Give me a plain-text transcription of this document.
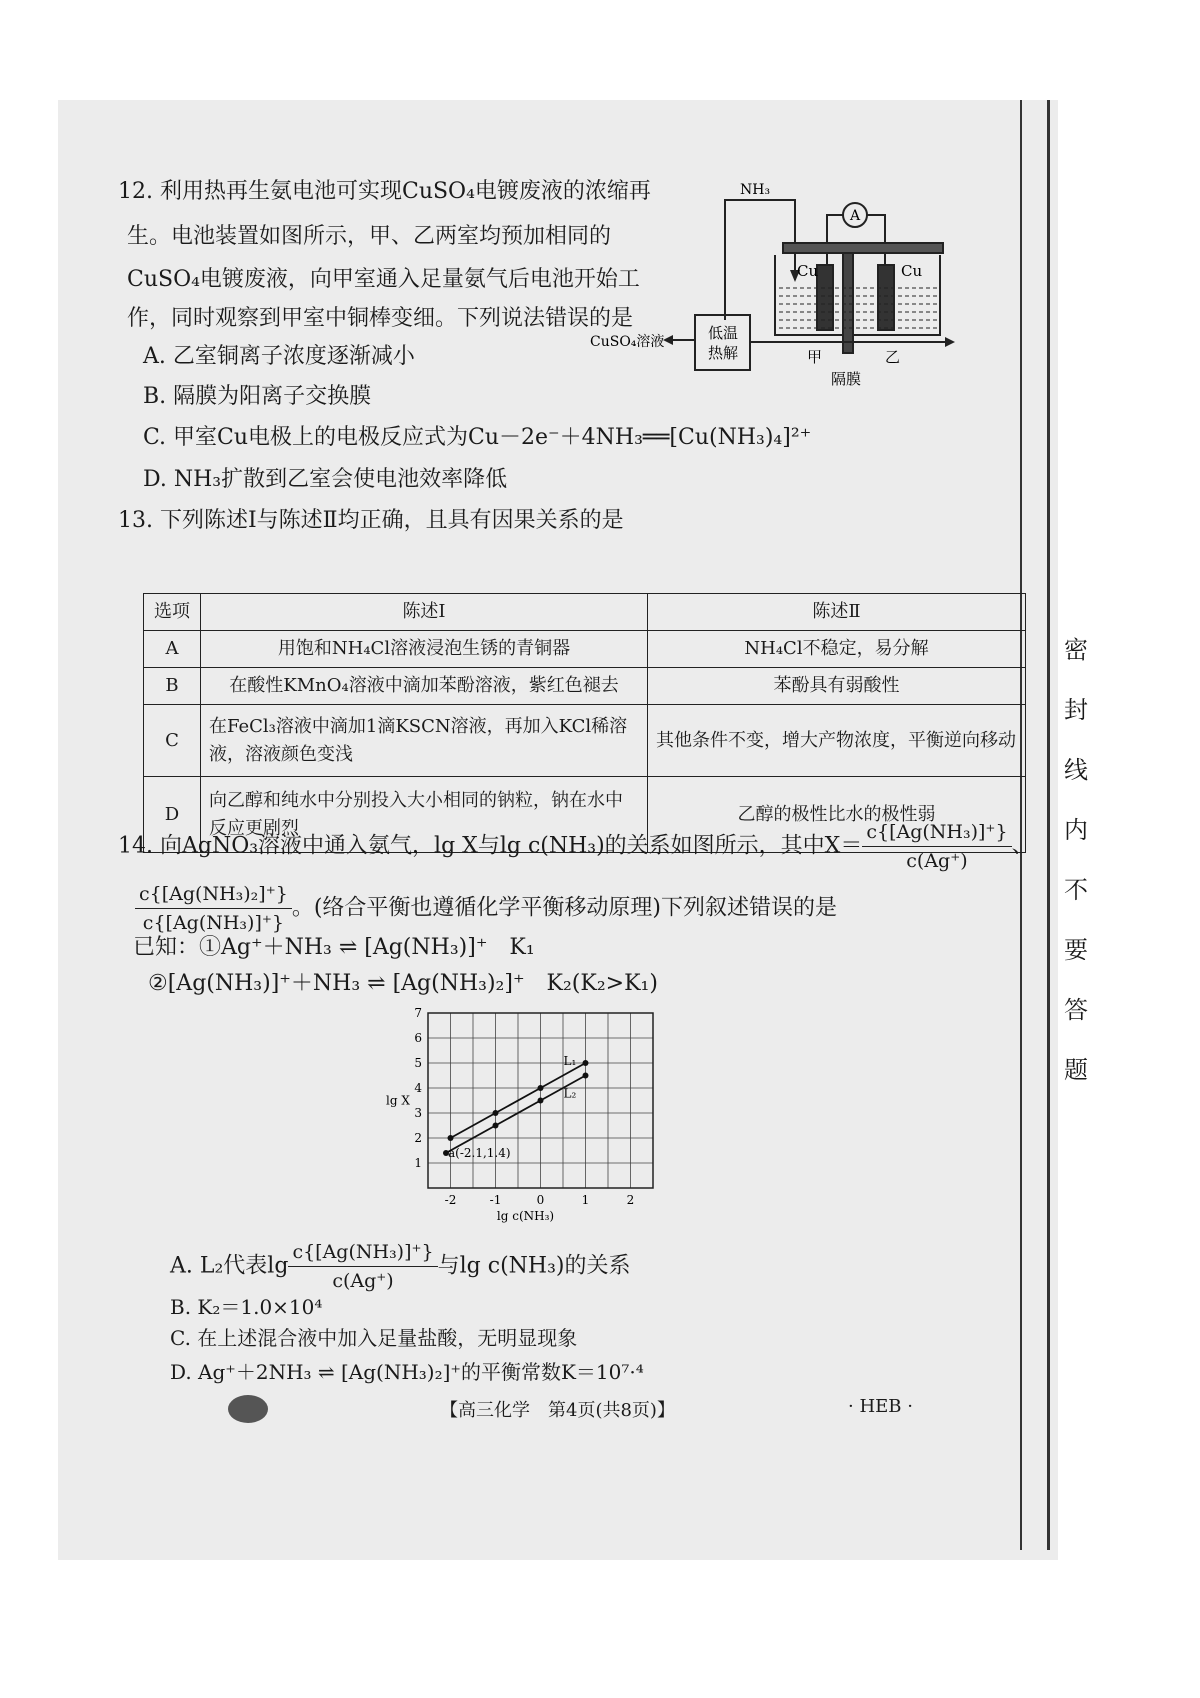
密
封
线
内
不
要
答
题
12. 利用热再生氨电池可实现CuSO₄电镀废液的浓缩再
生。电池装置如图所示，甲、乙两室均预加相同的
CuSO₄电镀废液，向甲室通入足量氨气后电池开始工
作，同时观察到甲室中铜棒变细。下列说法错误的是
A. 乙室铜离子浓度逐渐减小
B. 隔膜为阳离子交换膜
C. 甲室Cu电极上的电极反应式为Cu－2e⁻＋4NH₃══[Cu(NH₃)₄]²⁺
D. NH₃扩散到乙室会使电池效率降低
NH₃
A
Cu	Cu
低温
热解
CuSO₄溶液
甲	乙
隔膜
13. 下列陈述Ⅰ与陈述Ⅱ均正确，且具有因果关系的是
选项	陈述Ⅰ	陈述Ⅱ
A	用饱和NH₄Cl溶液浸泡生锈的青铜器	NH₄Cl不稳定，易分解
B	在酸性KMnO₄溶液中滴加苯酚溶液，紫红色褪去	苯酚具有弱酸性
C	在FeCl₃溶液中滴加1滴KSCN溶液，再加入KCl稀溶液，溶液颜色变浅	其他条件不变，增大产物浓度，平衡逆向移动
D	向乙醇和纯水中分别投入大小相同的钠粒，钠在水中反应更剧烈	乙醇的极性比水的极性弱
14. 向AgNO₃溶液中通入氨气，lg X与lg c(NH₃)的关系如图所示，其中$X= \frac{\text{c\{[Ag(NH₃)]⁺\}}}{c(Ag^+)}$ 、
$\frac{\text{c\{[Ag(NH₃)₂]⁺\}}}{\text{c\{[Ag(NH₃)]⁺\}}}$ 。(络合平衡也遵循化学平衡移动原理)下列叙述错误的是
已知：①Ag⁺＋NH₃ ⇌ [Ag(NH₃)]⁺　K₁
②[Ag(NH₃)]⁺＋NH₃ ⇌ [Ag(NH₃)₂]⁺　K₂(K₂>K₁)
-2	-1	0	1	2
1
2
3
4
5
6
7
lg c(NH₃)
lg X
L₁
L₂
a(-2.1,1.4)
A. L₂代表$\lg \frac{\text{c\{[Ag(NH₃)]⁺\}}}{c(Ag^+)}$ 与lg c(NH₃)的关系
B. K₂＝1.0×10⁴
C. 在上述混合液中加入足量盐酸，无明显现象
D. Ag⁺＋2NH₃ ⇌ [Ag(NH₃)₂]⁺的平衡常数K＝10⁷·⁴
【高三化学　第4页(共8页)】	· HEB ·
